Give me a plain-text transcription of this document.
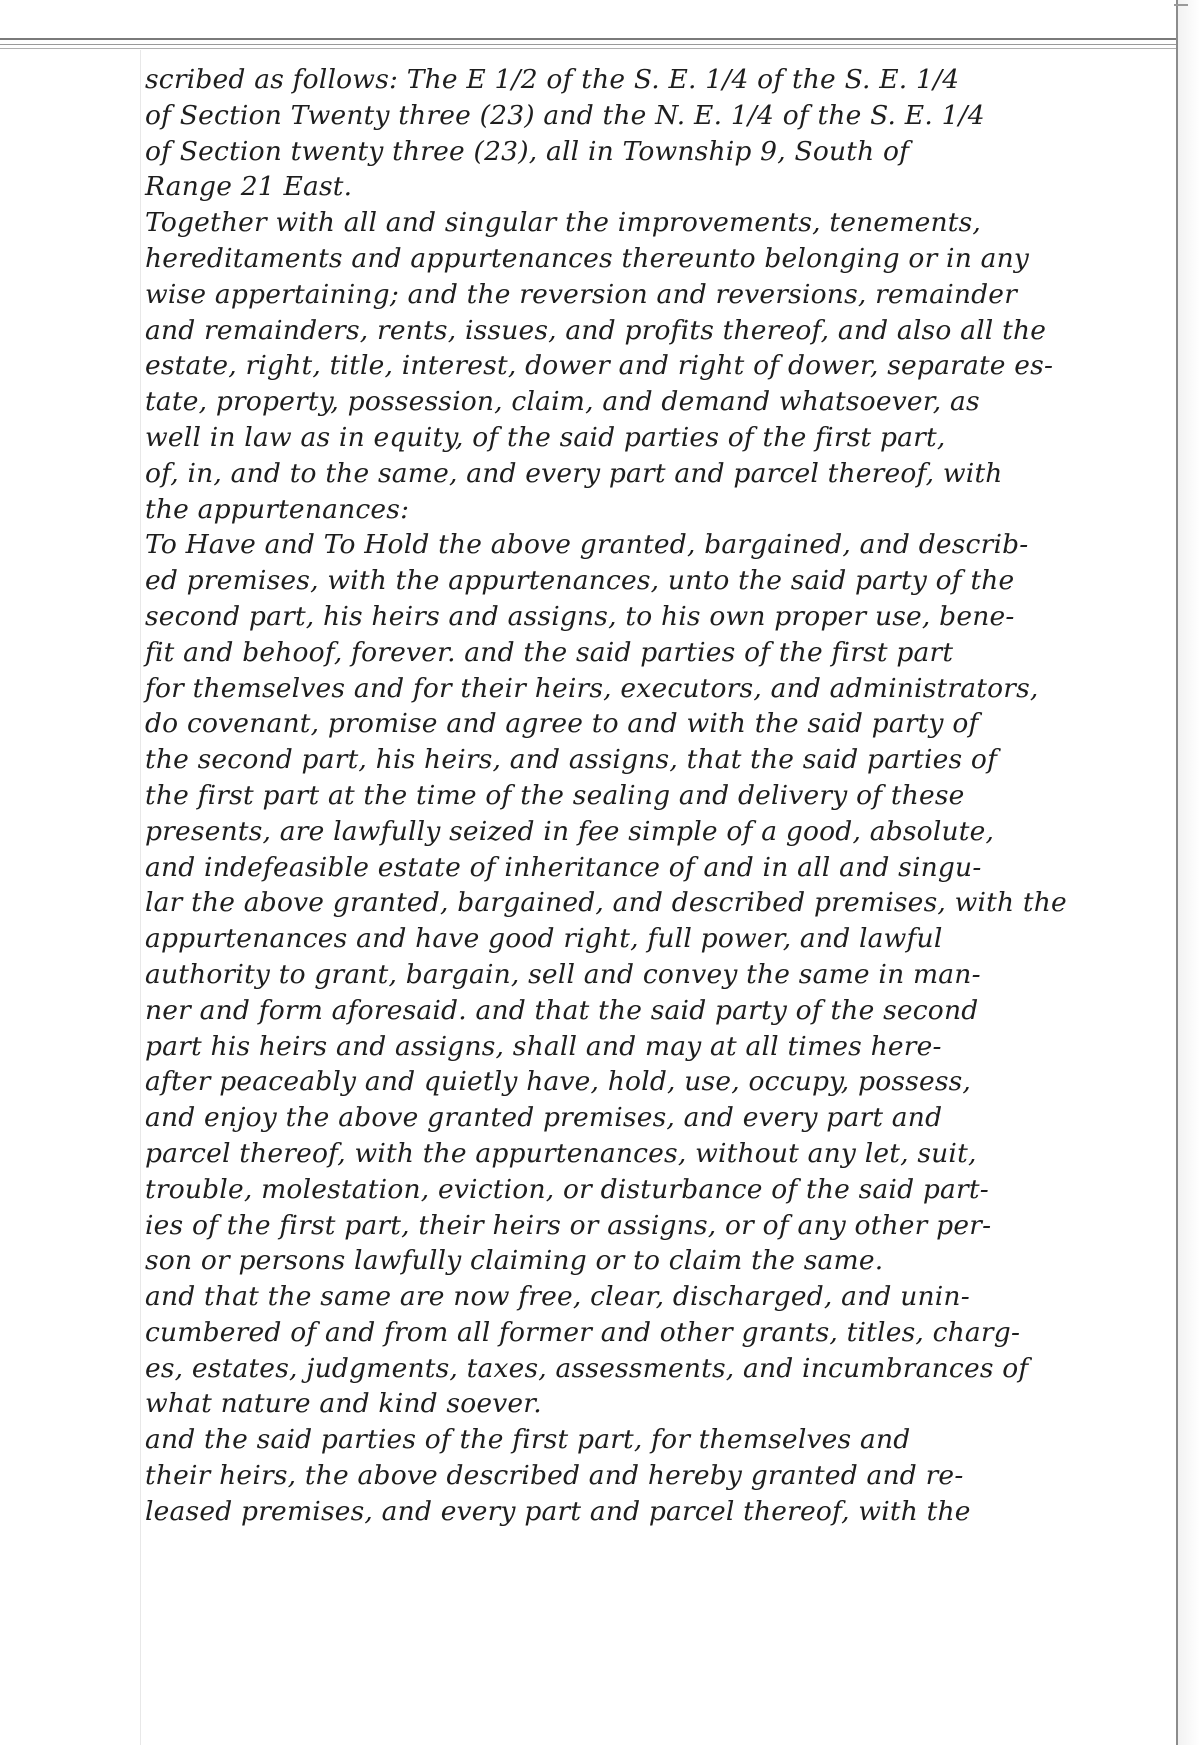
scribed as follows: The E 1/2 of the S. E. 1/4 of the S. E. 1/4
of Section Twenty three (23) and the N. E. 1/4 of the S. E. 1/4
of Section twenty three (23), all in Township 9, South of
Range 21 East.
Together with all and singular the improvements, tenements,
hereditaments and appurtenances thereunto belonging or in any
wise appertaining; and the reversion and reversions, remainder
and remainders, rents, issues, and profits thereof, and also all the
estate, right, title, interest, dower and right of dower, separate es-
tate, property, possession, claim, and demand whatsoever, as
well in law as in equity, of the said parties of the first part,
of, in, and to the same, and every part and parcel thereof, with
the appurtenances:
To Have and To Hold the above granted, bargained, and describ-
ed premises, with the appurtenances, unto the said party of the
second part, his heirs and assigns, to his own proper use, bene-
fit and behoof, forever. and the said parties of the first part
for themselves and for their heirs, executors, and administrators,
do covenant, promise and agree to and with the said party of
the second part, his heirs, and assigns, that the said parties of
the first part at the time of the sealing and delivery of these
presents, are lawfully seized in fee simple of a good, absolute,
and indefeasible estate of inheritance of and in all and singu-
lar the above granted, bargained, and described premises, with the
appurtenances and have good right, full power, and lawful
authority to grant, bargain, sell and convey the same in man-
ner and form aforesaid. and that the said party of the second
part his heirs and assigns, shall and may at all times here-
after peaceably and quietly have, hold, use, occupy, possess,
and enjoy the above granted premises, and every part and
parcel thereof, with the appurtenances, without any let, suit,
trouble, molestation, eviction, or disturbance of the said part-
ies of the first part, their heirs or assigns, or of any other per-
son or persons lawfully claiming or to claim the same.
and that the same are now free, clear, discharged, and unin-
cumbered of and from all former and other grants, titles, charg-
es, estates, judgments, taxes, assessments, and incumbrances of
what nature and kind soever.
and the said parties of the first part, for themselves and
their heirs, the above described and hereby granted and re-
leased premises, and every part and parcel thereof, with the
